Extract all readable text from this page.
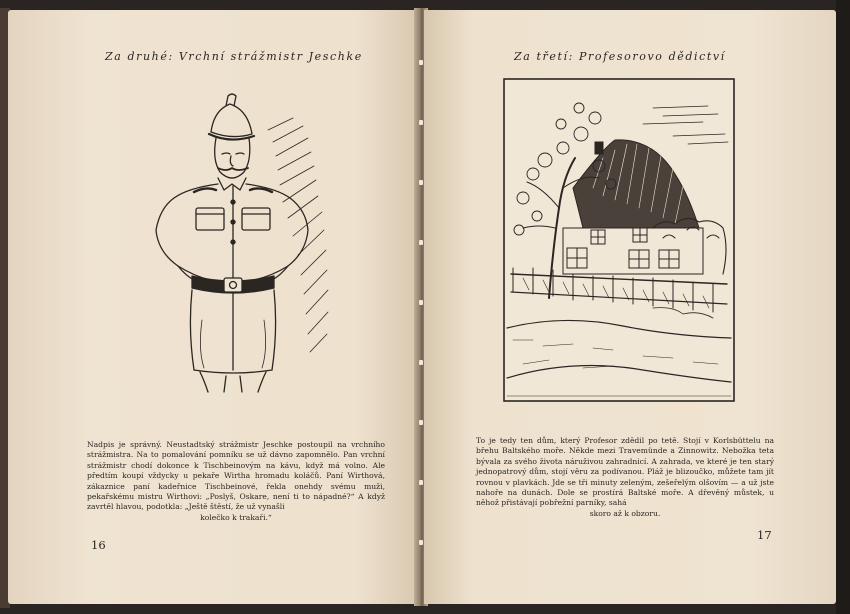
Za druhé: Vrchní strážmistr Jeschke

Nadpis je správný. Neustadtský strážmistr Jeschke postoupil na vrchního strážmistra. Na to pomalování pomníku se už dávno zapomnělo. Pan vrchní strážmistr chodí dokonce k Tischbeinovým na kávu, když má volno. Ale předtím koupí vždycky u pekaře Wirtha hromadu koláčů. Paní Wirthová, zákaznice paní kadeřnice Tischbeinové, řekla onehdy svému muži, pekařskému mistru Wirthovi: „Poslyš, Oskare, není ti to nápadné?“ A když zavrtěl hlavou, podotkla: „Ještě štěstí, že už vynašli
kolečko k trakaři.“

16
Za třetí: Profesorovo dědictví

To je tedy ten dům, který Profesor zdědil po tetě. Stojí v Korlsbüttelu na břehu Baltského moře. Někde mezi Travemünde a Zinnowitz. Nebožka teta bývala za svého života náruživou zahradnicí. A zahrada, ve které je ten starý jednopatrový dům, stojí věru za podívanou. Pláž je blizoučko, můžete tam jít rovnou v plavkách. Jde se tři minuty zeleným, zešeřelým olšovím — a už jste nahoře na dunách. Dole se prostírá Baltské moře. A dřevěný můstek, u něhož přistávají pobřežní parníky, sahá
skoro až k obzoru.

17
